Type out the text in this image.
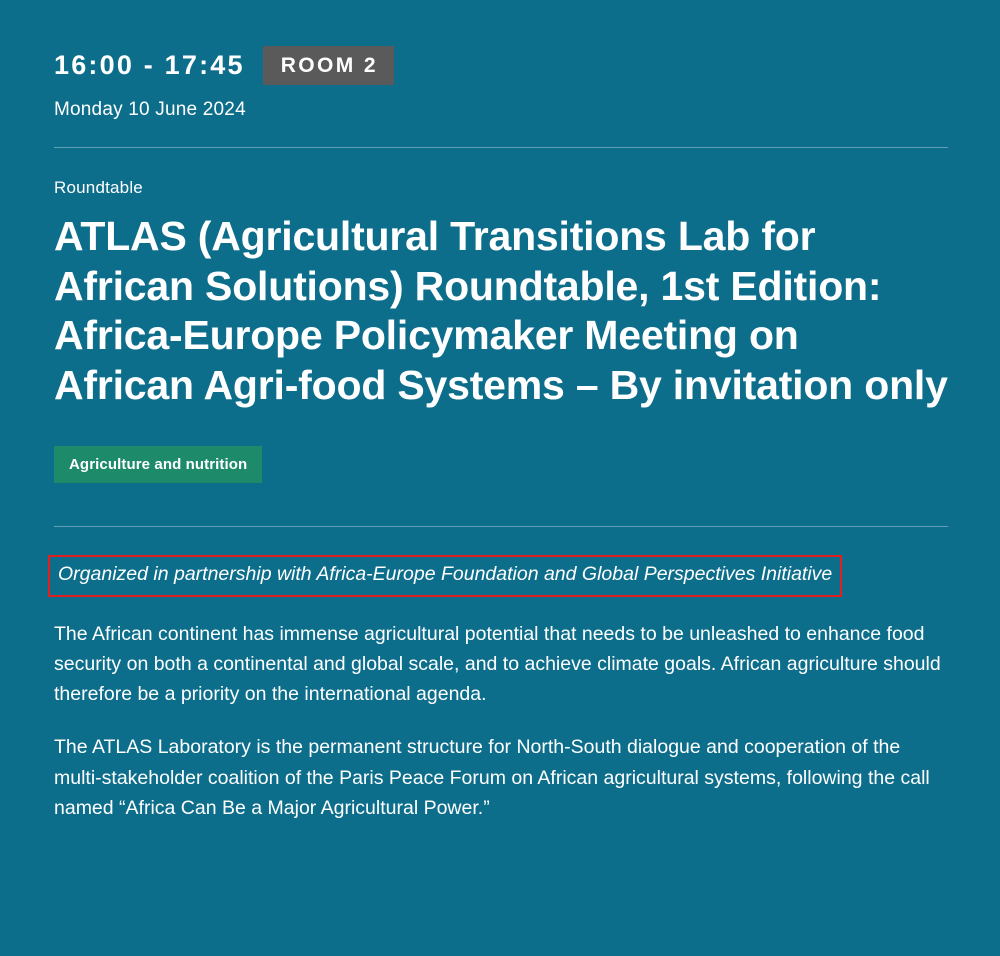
16:00 - 17:45	ROOM 2
Monday 10 June 2024
Roundtable
ATLAS (Agricultural Transitions Lab for African Solutions) Roundtable, 1st Edition: Africa-Europe Policymaker Meeting on African Agri-food Systems – By invitation only
Agriculture and nutrition
Organized in partnership with Africa-Europe Foundation and Global Perspectives Initiative

The African continent has immense agricultural potential that needs to be unleashed to enhance food security on both a continental and global scale, and to achieve climate goals. African agriculture should therefore be a priority on the international agenda.

The ATLAS Laboratory is the permanent structure for North-South dialogue and cooperation of the multi-stakeholder coalition of the Paris Peace Forum on African agricultural systems, following the call named “Africa Can Be a Major Agricultural Power.”
